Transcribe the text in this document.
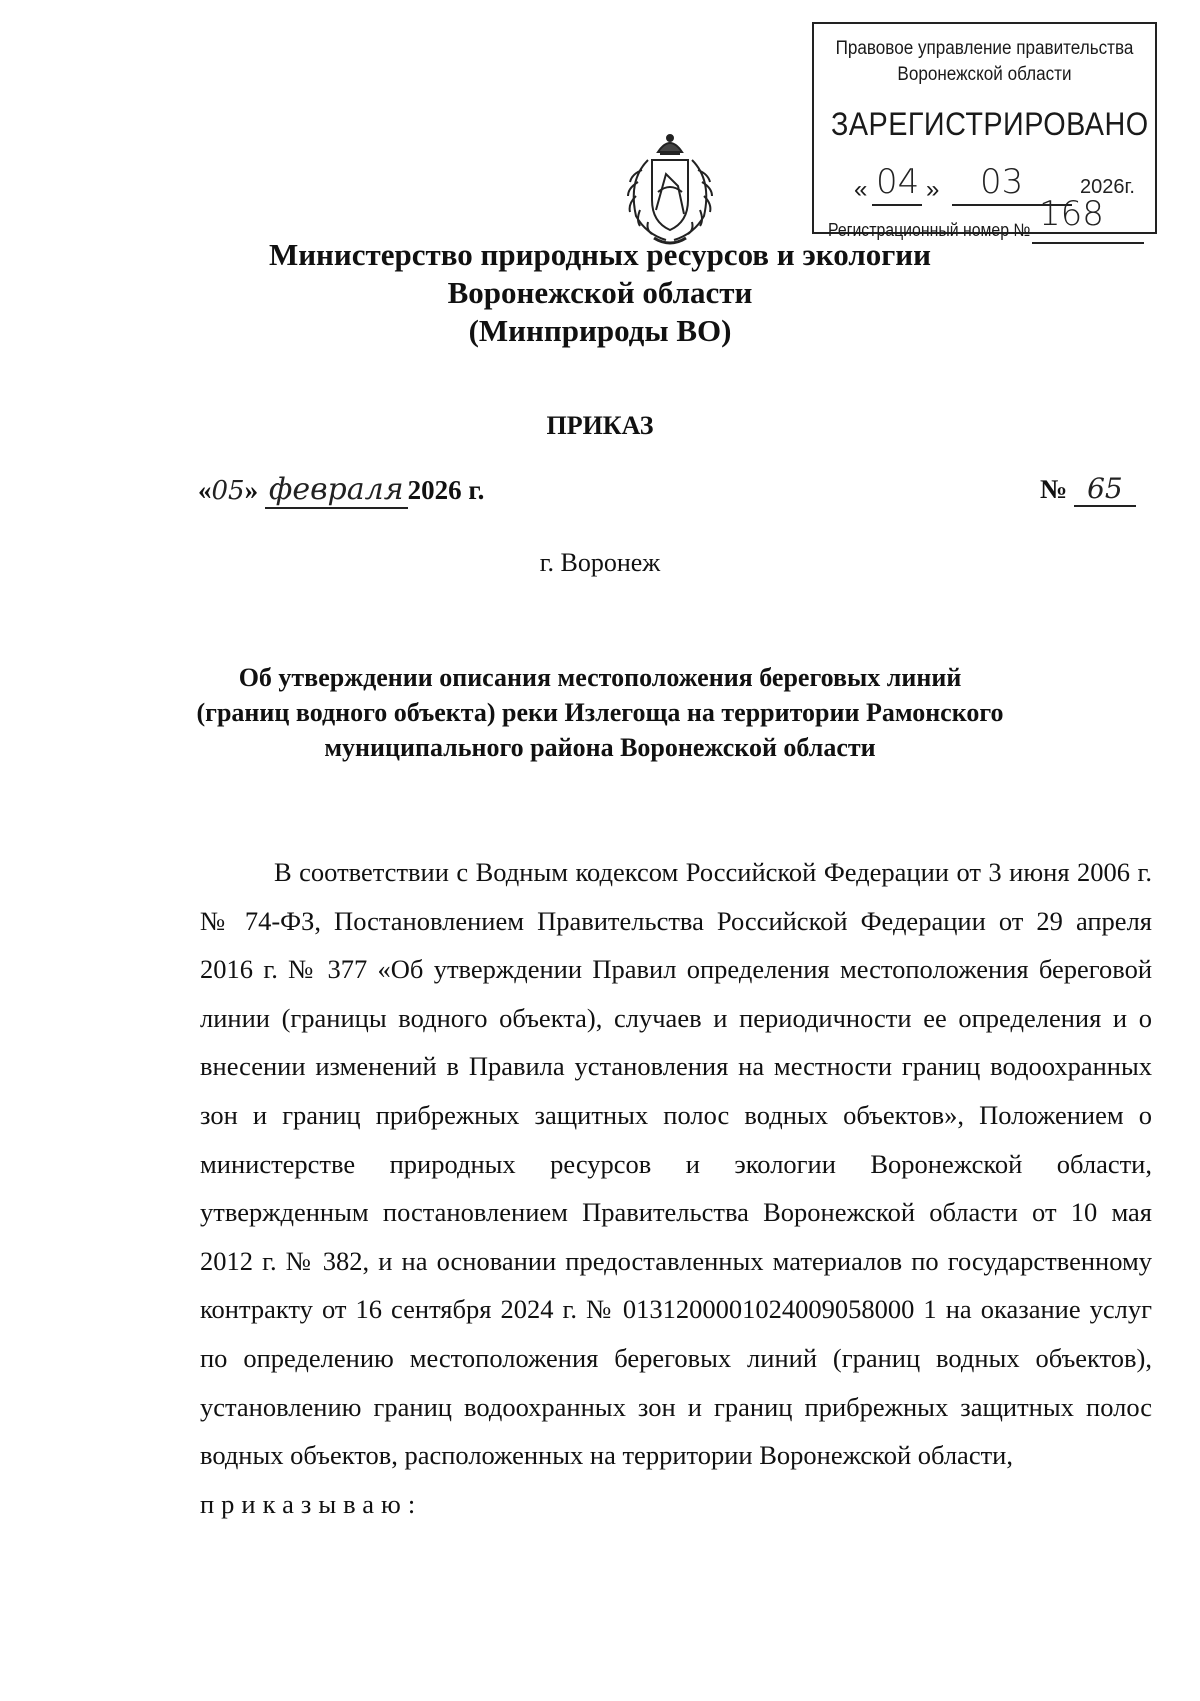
Правовое управление правительства
Воронежской области
ЗАРЕГИСТРИРОВАНО
« 04 » 03	2026г.
Регистрационный номер № 168
Министерство природных ресурсов и экологии
Воронежской области
(Минприроды ВО)
ПРИКАЗ
«05» февраля 2026 г.	№ 65
г. Воронеж
Об утверждении описания местоположения береговых линий
(границ водного объекта) реки Излегоща на территории Рамонского
муниципального района Воронежской области
В соответствии с Водным кодексом Российской Федерации от 3 июня 2006 г. № 74-ФЗ, Постановлением Правительства Российской Федерации от 29 апреля 2016 г. № 377 «Об утверждении Правил определения местоположения береговой линии (границы водного объекта), случаев и периодичности ее определения и о внесении изменений в Правила установления на местности границ водоохранных зон и границ прибрежных защитных полос водных объектов», Положением о министерстве природных ресурсов и экологии Воронежской области, утвержденным постановлением Правительства Воронежской области от 10 мая 2012 г. № 382, и на основании предоставленных материалов по государственному контракту от 16 сентября 2024 г. № 0131200001024009058000 1 на оказание услуг по определению местоположения береговых линий (границ водных объектов), установлению границ водоохранных зон и границ прибрежных защитных полос водных объектов, расположенных на территории Воронежской области,
приказываю:
